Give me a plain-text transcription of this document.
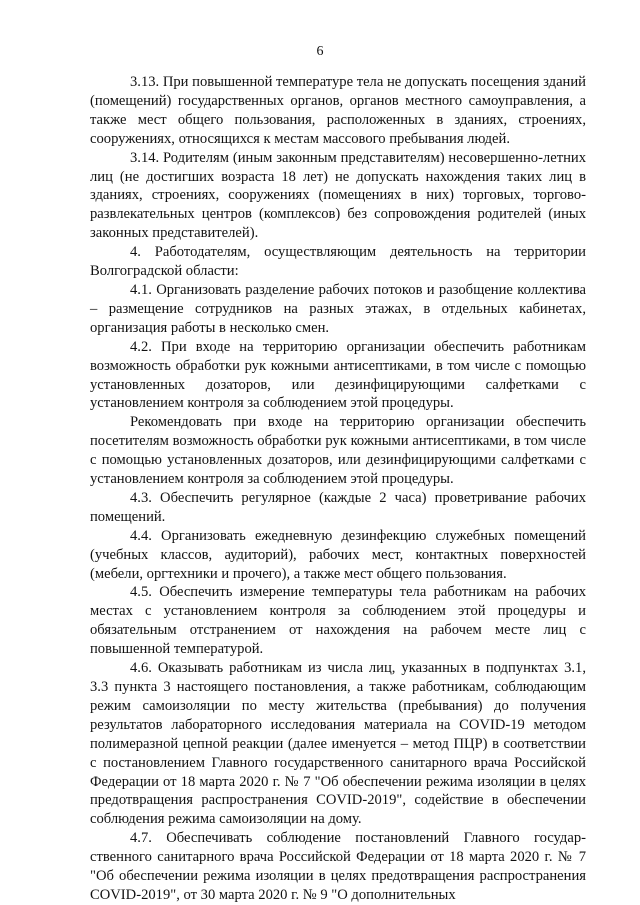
6

3.13. При повышенной температуре тела не допускать посещения зданий (помещений) государственных органов, органов местного самоуправления, а также мест общего пользования, расположенных в зданиях, строениях, сооружениях, относящихся к местам массового пребывания людей.

3.14. Родителям (иным законным представителям) несовершенно-летних лиц (не достигших возраста 18 лет) не допускать нахождения таких лиц в зданиях, строениях, сооружениях (помещениях в них) торговых, торгово-развлекательных центров (комплексов) без сопровождения родителей (иных законных представителей).

4. Работодателям, осуществляющим деятельность на территории Волгоградской области:

4.1. Организовать разделение рабочих потоков и разобщение коллектива – размещение сотрудников на разных этажах, в отдельных кабинетах, организация работы в несколько смен.

4.2. При входе на территорию организации обеспечить работникам возможность обработки рук кожными антисептиками, в том числе с помощью установленных дозаторов, или дезинфицирующими салфетками с установлением контроля за соблюдением этой процедуры.

Рекомендовать при входе на территорию организации обеспечить посетителям возможность обработки рук кожными антисептиками, в том числе с помощью установленных дозаторов, или дезинфицирующими салфетками с установлением контроля за соблюдением этой процедуры.

4.3. Обеспечить регулярное (каждые 2 часа) проветривание рабочих помещений.

4.4. Организовать ежедневную дезинфекцию служебных помещений (учебных классов, аудиторий), рабочих мест, контактных поверхностей (мебели, оргтехники и прочего), а также мест общего пользования.

4.5. Обеспечить измерение температуры тела работникам на рабочих местах с установлением контроля за соблюдением этой процедуры и обязательным отстранением от нахождения на рабочем месте лиц с повышенной температурой.

4.6. Оказывать работникам из числа лиц, указанных в подпунктах 3.1, 3.3 пункта 3 настоящего постановления, а также работникам, соблюдающим режим самоизоляции по месту жительства (пребывания) до получения результатов лабораторного исследования материала на COVID-19 методом полимеразной цепной реакции (далее именуется – метод ПЦР) в соответствии с постановлением Главного государственного санитарного врача Российской Федерации от 18 марта 2020 г. № 7 "Об обеспечении режима изоляции в целях предотвращения распространения COVID-2019", содействие в обеспечении соблюдения режима самоизоляции на дому.

4.7. Обеспечивать соблюдение постановлений Главного государ-ственного санитарного врача Российской Федерации от 18 марта 2020 г. № 7 "Об обеспечении режима изоляции в целях предотвращения распространения COVID-2019", от 30 марта 2020 г. № 9 "О дополнительных
